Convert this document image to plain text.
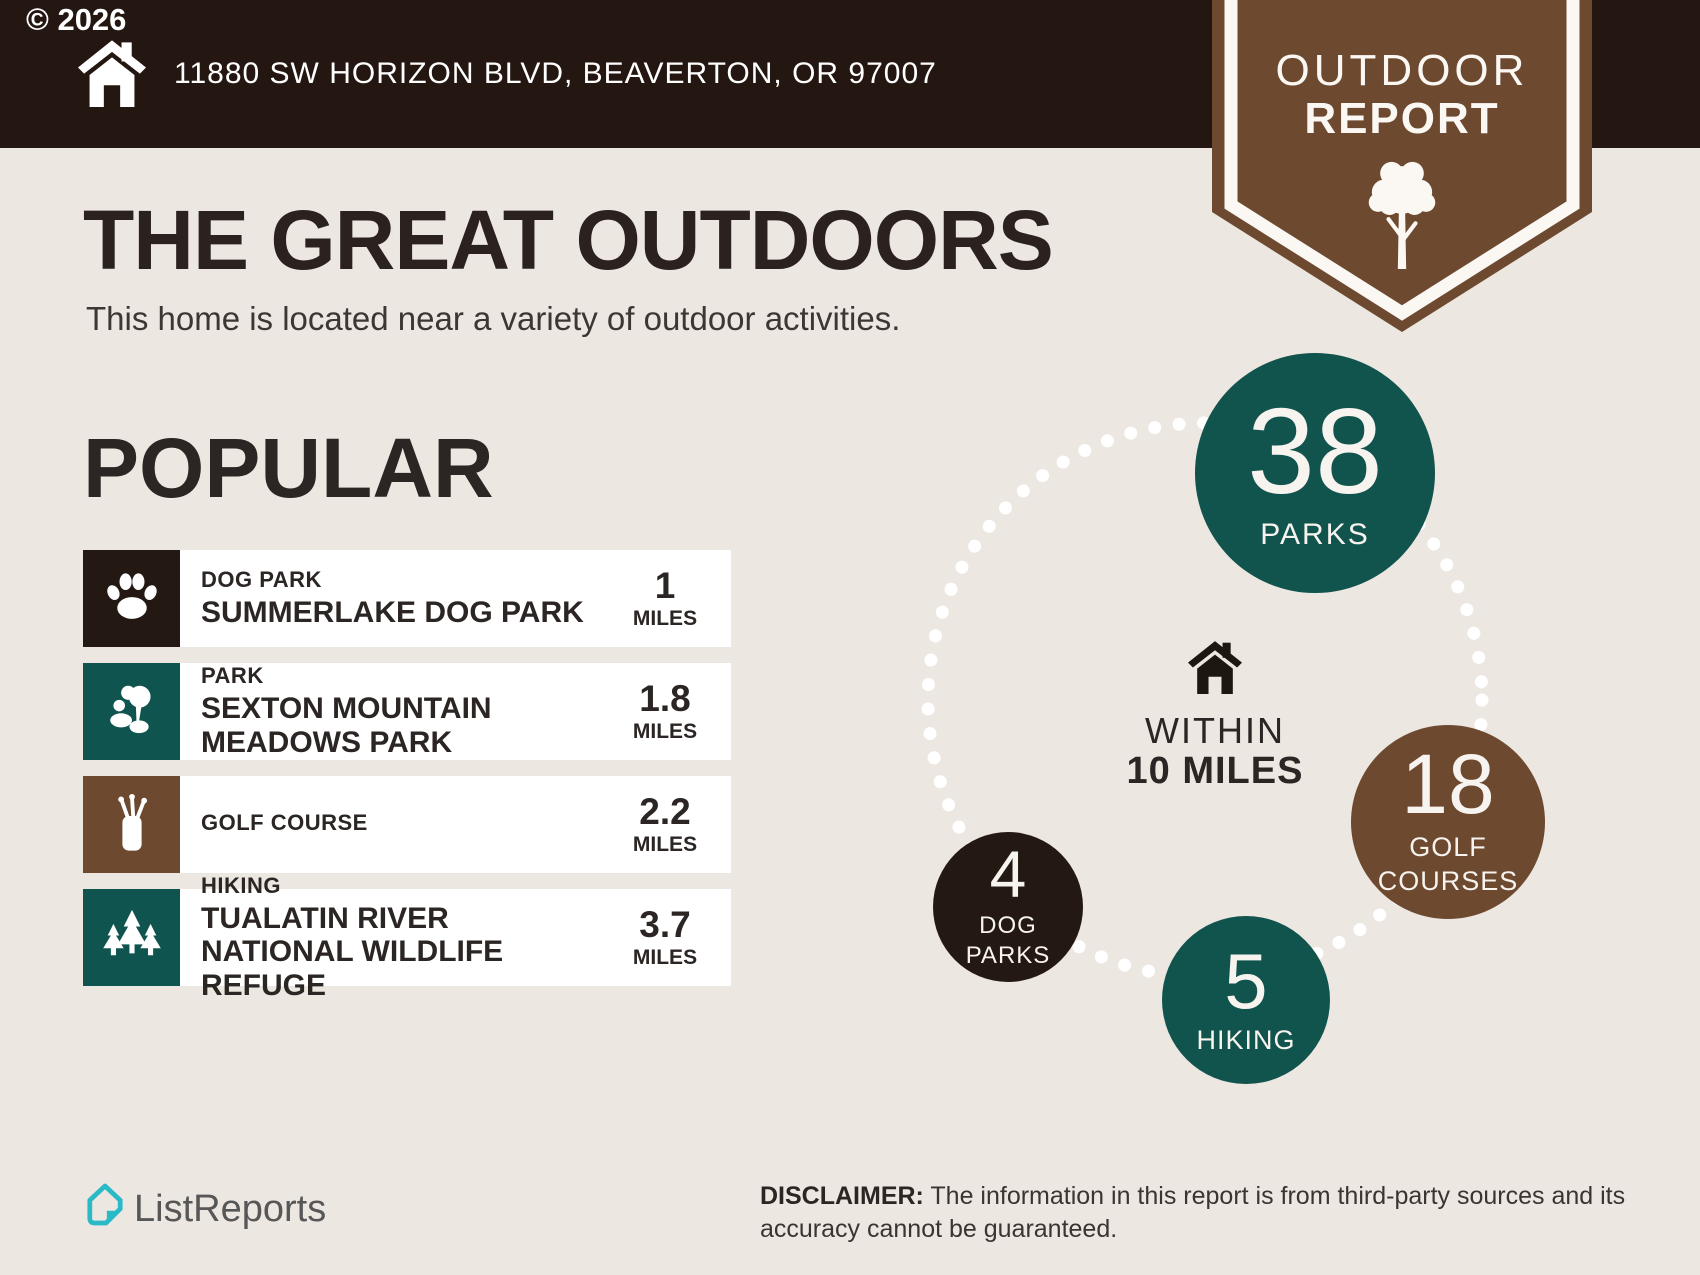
11880 SW HORIZON BLVD, BEAVERTON, OR 97007
© 2026
OUTDOOR
REPORT
THE GREAT OUTDOORS
This home is located near a variety of outdoor activities.
POPULAR
DOG PARK
SUMMERLAKE DOG PARK
1
MILES
PARK
SEXTON MOUNTAIN MEADOWS PARK
1.8
MILES
GOLF COURSE	2.2
MILES
HIKING
TUALATIN RIVER NATIONAL WILDLIFE REFUGE
3.7
MILES
38
PARKS
18
GOLF COURSES
5
HIKING
4
DOG PARKS
WITHIN
10 MILES
ListReports	DISCLAIMER: The information in this report is from third-party sources and its accuracy cannot be guaranteed.
